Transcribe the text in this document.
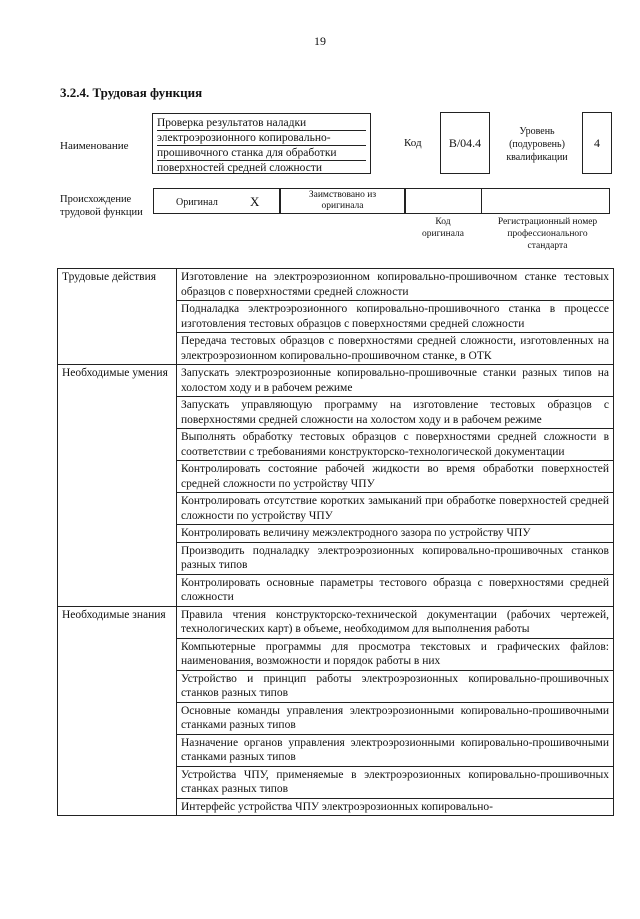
19
3.2.4. Трудовая функция
Наименование
Проверка результатов наладки
электроэрозионного копировально-
прошивочного станка для обработки
поверхностей средней сложности
Код	B/04.4
Уровень
(подуровень)
квалификации
4
Происхождение
трудовой функции
Оригинал X	Заимствовано из
оригинала
Код
оригинала
Регистрационный номер
профессионального
стандарта
Трудовые действия	Изготовление на электроэрозионном копировально-прошивочном станке тестовых образцов с поверхностями средней сложности
	Подналадка электроэрозионного копировально-прошивочного станка в процессе изготовления тестовых образцов с поверхностями средней сложности
	Передача тестовых образцов с поверхностями средней сложности, изготовленных на электроэрозионном копировально-прошивочном станке, в ОТК
Необходимые умения	Запускать электроэрозионные копировально-прошивочные станки разных типов на холостом ходу и в рабочем режиме
	Запускать управляющую программу на изготовление тестовых образцов с поверхностями средней сложности на холостом ходу и в рабочем режиме
	Выполнять обработку тестовых образцов с поверхностями средней сложности в соответствии с требованиями конструкторско-технологической документации
	Контролировать состояние рабочей жидкости во время обработки поверхностей средней сложности по устройству ЧПУ
	Контролировать отсутствие коротких замыканий при обработке поверхностей средней сложности по устройству ЧПУ
	Контролировать величину межэлектродного зазора по устройству ЧПУ
	Производить подналадку электроэрозионных копировально-прошивочных станков разных типов
	Контролировать основные параметры тестового образца с поверхностями средней сложности
Необходимые знания	Правила чтения конструкторско-технической документации (рабочих чертежей, технологических карт) в объеме, необходимом для выполнения работы
	Компьютерные программы для просмотра текстовых и графических файлов: наименования, возможности и порядок работы в них
	Устройство и принцип работы электроэрозионных копировально-прошивочных станков разных типов
	Основные команды управления электроэрозионными копировально-прошивочными станками разных типов
	Назначение органов управления электроэрозионными копировально-прошивочными станками разных типов
	Устройства ЧПУ, применяемые в электроэрозионных копировально-прошивочных станках разных типов
	Интерфейс устройства ЧПУ электроэрозионных копировально-
